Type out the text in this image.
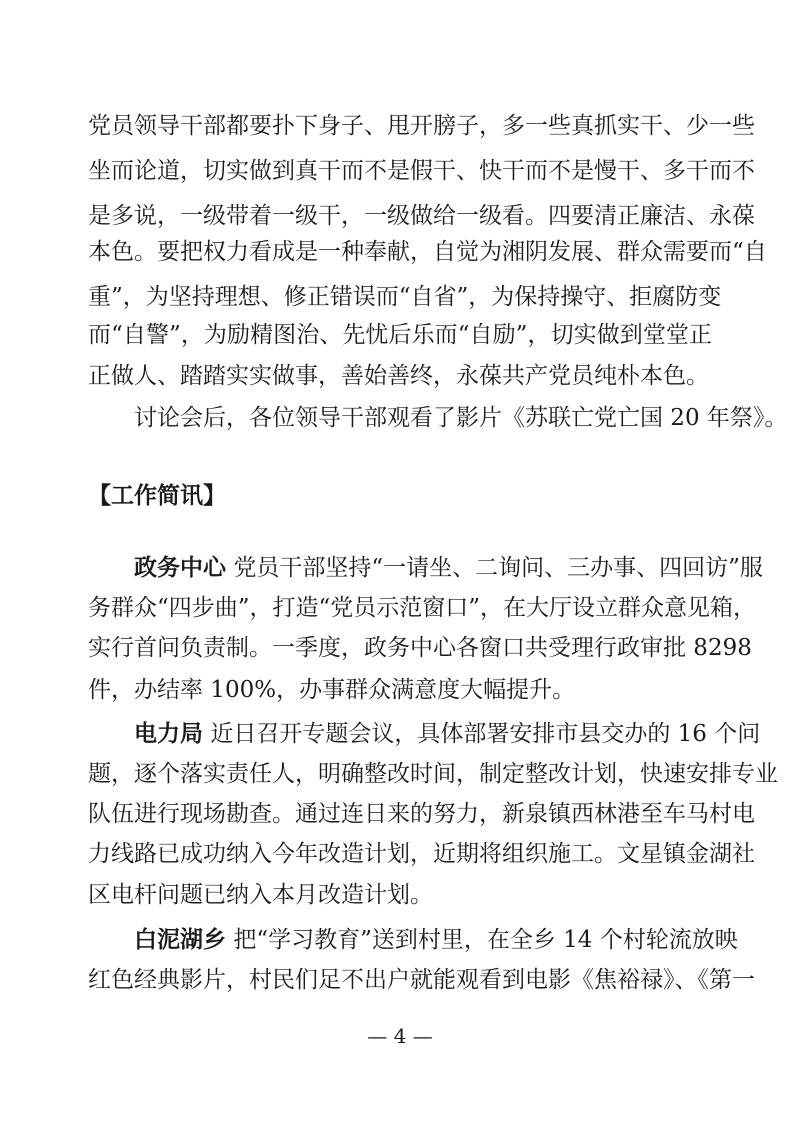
党员领导干部都要扑下身子、甩开膀子，多一些真抓实干、少一些
坐而论道，切实做到真干而不是假干、快干而不是慢干、多干而不
是多说，一级带着一级干，一级做给一级看。四要清正廉洁、永葆
本色。要把权力看成是一种奉献，自觉为湘阴发展、群众需要而“自
重”，为坚持理想、修正错误而“自省”，为保持操守、拒腐防变
而“自警”，为励精图治、先忧后乐而“自励”，切实做到堂堂正
正做人、踏踏实实做事，善始善终，永葆共产党员纯朴本色。
讨论会后，各位领导干部观看了影片《苏联亡党亡国 20 年祭》。
【工作简讯】
政务中心 党员干部坚持“一请坐、二询问、三办事、四回访”服
务群众“四步曲”，打造“党员示范窗口”，在大厅设立群众意见箱，
实行首问负责制。一季度，政务中心各窗口共受理行政审批 8298
件，办结率 100%，办事群众满意度大幅提升。
电力局 近日召开专题会议，具体部署安排市县交办的 16 个问
题，逐个落实责任人，明确整改时间，制定整改计划，快速安排专业
队伍进行现场勘查。通过连日来的努力，新泉镇西林港至车马村电
力线路已成功纳入今年改造计划，近期将组织施工。文星镇金湖社
区电杆问题已纳入本月改造计划。
白泥湖乡 把“学习教育”送到村里，在全乡 14 个村轮流放映
红色经典影片，村民们足不出户就能观看到电影《焦裕禄》、《第一
— 4 —
